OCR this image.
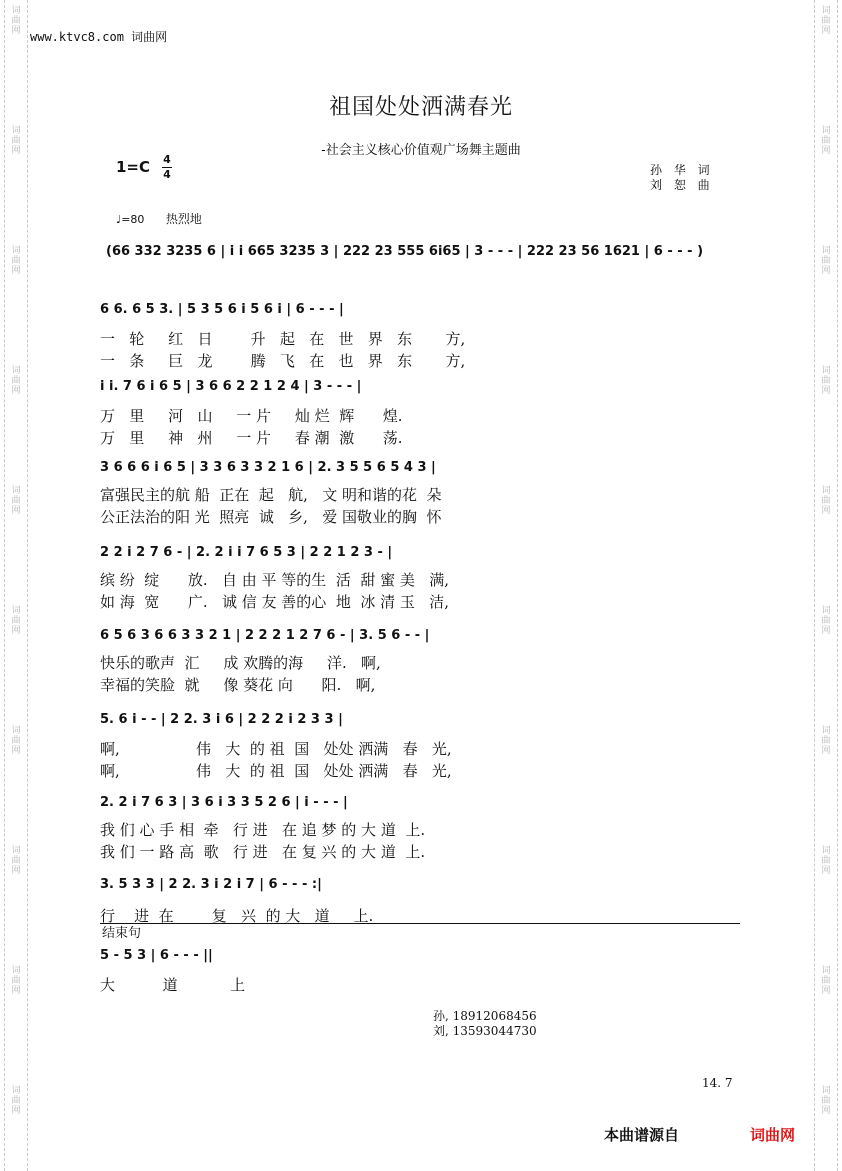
词
曲
网
词
曲
网
词
曲
网
词
曲
网
词
曲
网
词
曲
网
词
曲
网
词
曲
网
词
曲
网
词
曲
网
词
曲
网
词
曲
网
词
曲
网
词
曲
网
词
曲
网
词
曲
网
词
曲
网
词
曲
网
词
曲
网
词
曲
网
www.ktvc8.com 词曲网
祖国处处洒满春光
-社会主义核心价值观广场舞主题曲
1=C 4
4	孙 华 词
刘 恕 曲
♩=80 热烈地
(66 332 3235 6 | i i 665 3235 3 | 222 23 555 6i65 | 3 - - - | 222 23 56 1621 | 6 - - - )
6 6. 6 5 3. | 5 3 5 6 i 5 6 i | 6 - - - |
一   轮     红   日        升   起   在   世   界   东       方,
一   条     巨   龙        腾   飞   在   也   界   东       方,
i i. 7 6 i 6 5 | 3 6 6 2 2 1 2 4 | 3 - - - |
万   里     河   山     一 片     灿 烂  辉      煌.
万   里     神   州     一 片     春 潮  激      荡.
3 6 6 6 i 6 5 | 3 3 6 3 3 2 1 6 | 2. 3 5 5 6 5 4 3 |
富强民主的航 船  正在  起   航,   文 明和谐的花  朵
公正法治的阳 光  照亮  诚   乡,   爱 国敬业的胸  怀
2 2 i 2 7 6 - | 2. 2 i i 7 6 5 3 | 2 2 1 2 3 - |
缤 纷  绽      放.   自 由 平 等的生  活  甜 蜜 美   满,
如 海  宽      广.   诚 信 友 善的心  地  冰 清 玉   洁,
6 5 6 3 6 6 3 3 2 1 | 2 2 2 1 2 7 6 - | 3. 5 6 - - |
快乐的歌声  汇     成 欢腾的海     洋.   啊,
幸福的笑脸  就     像 葵花 向      阳.   啊,
5. 6 i - - | 2 2. 3 i 6 | 2 2 2 i 2 3 3 |
啊,                伟   大  的 祖  国   处处 洒满   春   光,
啊,                伟   大  的 祖  国   处处 洒满   春   光,
2. 2 i 7 6 3 | 3 6 i 3 3 5 2 6 | i - - - |
我 们 心 手 相  牵   行 进   在 追 梦 的 大 道  上.
我 们 一 路 高  歌   行 进   在 复 兴 的 大 道  上.
3. 5 3 3 | 2 2. 3 i 2 i 7 | 6 - - - :|
行    进  在        复   兴  的 大   道     上.
结束句
5 - 5 3 | 6 - - - ||
大          道           上
孙, 18912068456
刘, 13593044730
14. 7
本曲谱源自	词曲网
